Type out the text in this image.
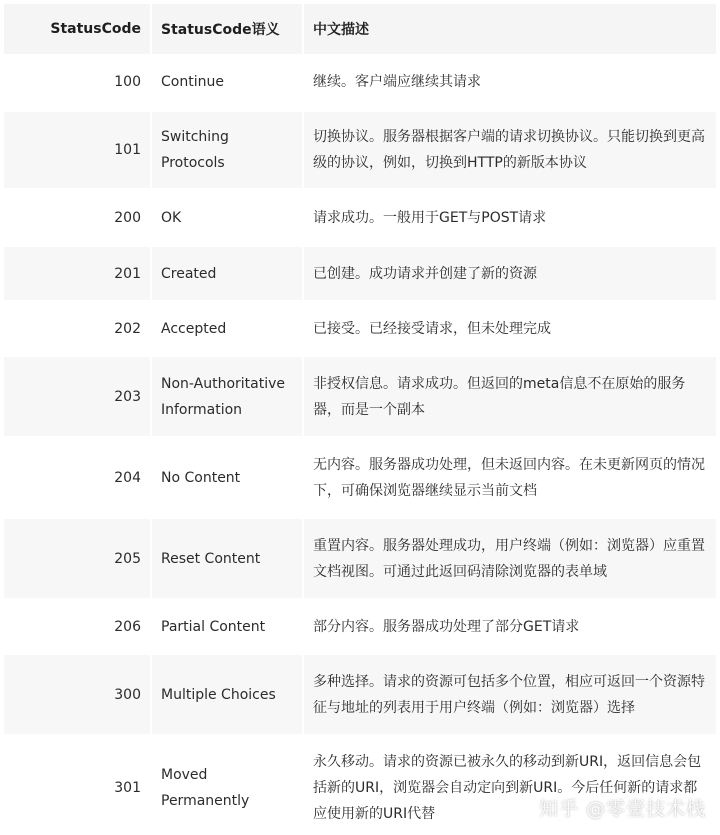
StatusCode	StatusCode语义	中文描述
100	Continue	继续。客户端应继续其请求
101	Switching Protocols	切换协议。服务器根据客户端的请求切换协议。只能切换到更高级的协议，例如，切换到HTTP的新版本协议
200	OK	请求成功。一般用于GET与POST请求
201	Created	已创建。成功请求并创建了新的资源
202	Accepted	已接受。已经接受请求，但未处理完成
203	Non-Authoritative Information	非授权信息。请求成功。但返回的meta信息不在原始的服务器，而是一个副本
204	No Content	无内容。服务器成功处理，但未返回内容。在未更新网页的情况下，可确保浏览器继续显示当前文档
205	Reset Content	重置内容。服务器处理成功，用户终端（例如：浏览器）应重置文档视图。可通过此返回码清除浏览器的表单域
206	Partial Content	部分内容。服务器成功处理了部分GET请求
300	Multiple Choices	多种选择。请求的资源可包括多个位置，相应可返回一个资源特征与地址的列表用于用户终端（例如：浏览器）选择
301	Moved Permanently	永久移动。请求的资源已被永久的移动到新URI，返回信息会包括新的URI，浏览器会自动定向到新URI。今后任何新的请求都应使用新的URI代替	知乎 @零壹技术栈
